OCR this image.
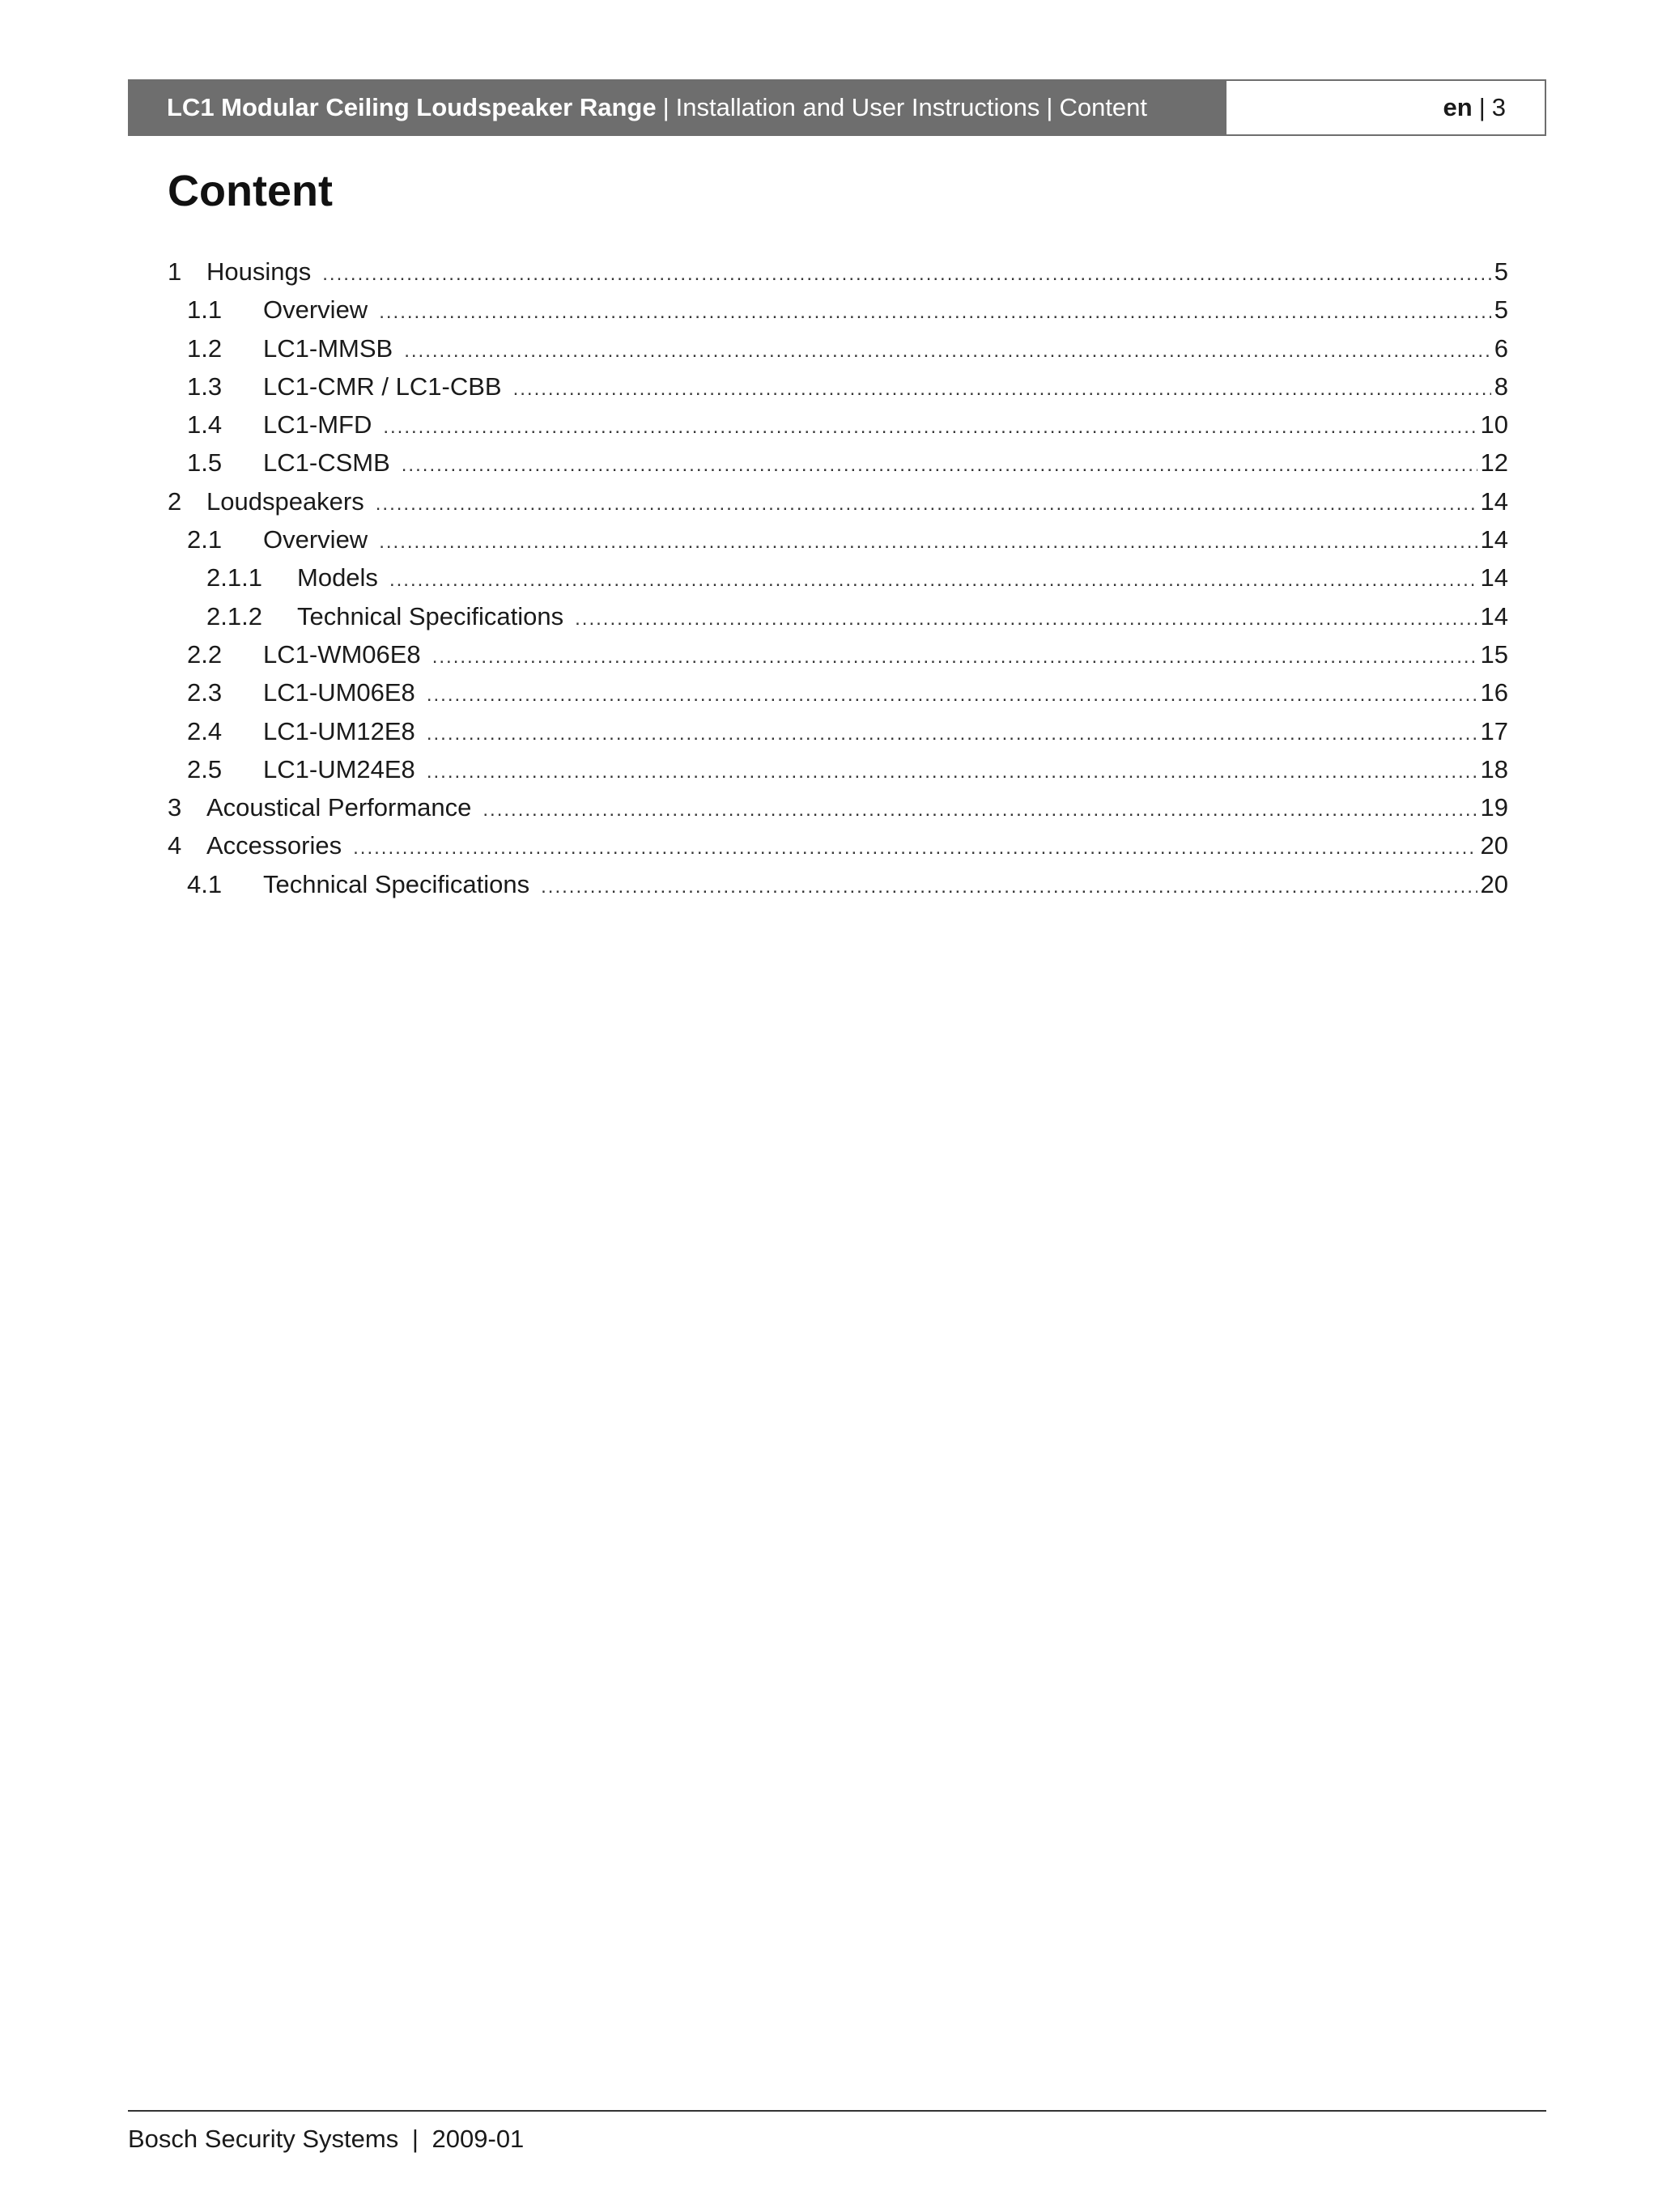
LC1 Modular Ceiling Loudspeaker Range | Installation and User Instructions | Content	en | 3
Content
1 Housings .....	5
1.1	Overview .....	5
1.2	LC1-MMSB .....	6
1.3	LC1-CMR / LC1-CBB .....	8
1.4	LC1-MFD .....	10
1.5	LC1-CSMB .....	12
2 Loudspeakers .....	14
2.1	Overview .....	14
2.1.1	Models .....	14
2.1.2	Technical Specifications .....	14
2.2	LC1-WM06E8 .....	15
2.3	LC1-UM06E8 .....	16
2.4	LC1-UM12E8 .....	17
2.5	LC1-UM24E8 .....	18
3 Acoustical Performance .....	19
4 Accessories .....	20
4.1	Technical Specifications .....	20
Bosch Security Systems | 2009-01
